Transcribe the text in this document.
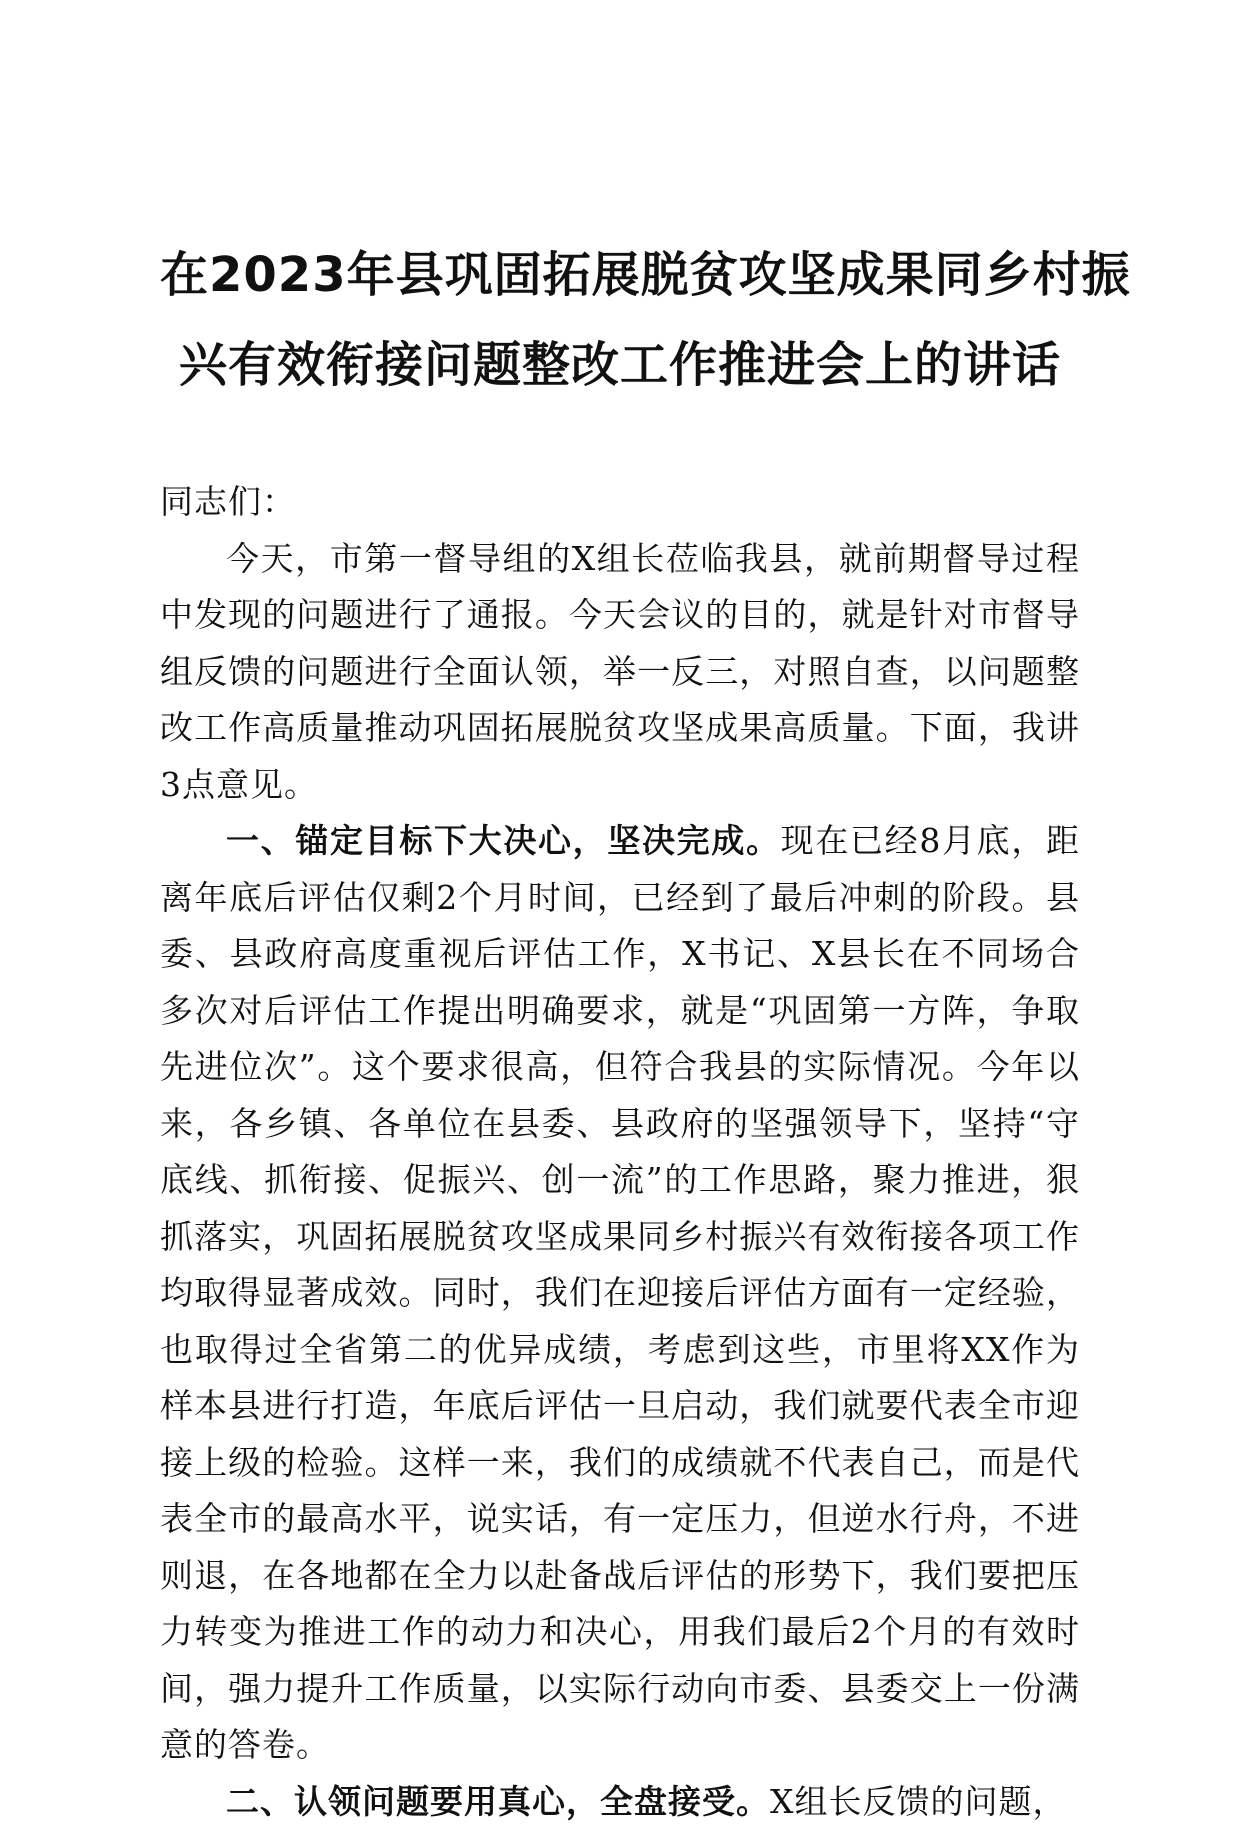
在2023年县巩固拓展脱贫攻坚成果同乡村振
兴有效衔接问题整改工作推进会上的讲话

同志们：

今天，市第一督导组的X组长莅临我县，就前期督导过程中发现的问题进行了通报。今天会议的目的，就是针对市督导组反馈的问题进行全面认领，举一反三，对照自查，以问题整改工作高质量推动巩固拓展脱贫攻坚成果高质量。下面，我讲3点意见。

一、锚定目标下大决心，坚决完成。现在已经8月底，距离年底后评估仅剩2个月时间，已经到了最后冲刺的阶段。县委、县政府高度重视后评估工作，X书记、X县长在不同场合多次对后评估工作提出明确要求，就是“巩固第一方阵，争取先进位次”。这个要求很高，但符合我县的实际情况。今年以来，各乡镇、各单位在县委、县政府的坚强领导下，坚持“守底线、抓衔接、促振兴、创一流”的工作思路，聚力推进，狠抓落实，巩固拓展脱贫攻坚成果同乡村振兴有效衔接各项工作均取得显著成效。同时，我们在迎接后评估方面有一定经验，也取得过全省第二的优异成绩，考虑到这些，市里将XX作为样本县进行打造，年底后评估一旦启动，我们就要代表全市迎接上级的检验。这样一来，我们的成绩就不代表自己，而是代表全市的最高水平，说实话，有一定压力，但逆水行舟，不进则退，在各地都在全力以赴备战后评估的形势下，我们要把压力转变为推进工作的动力和决心，用我们最后2个月的有效时间，强力提升工作质量，以实际行动向市委、县委交上一份满意的答卷。

二、认领问题要用真心，全盘接受。X组长反馈的问题，
